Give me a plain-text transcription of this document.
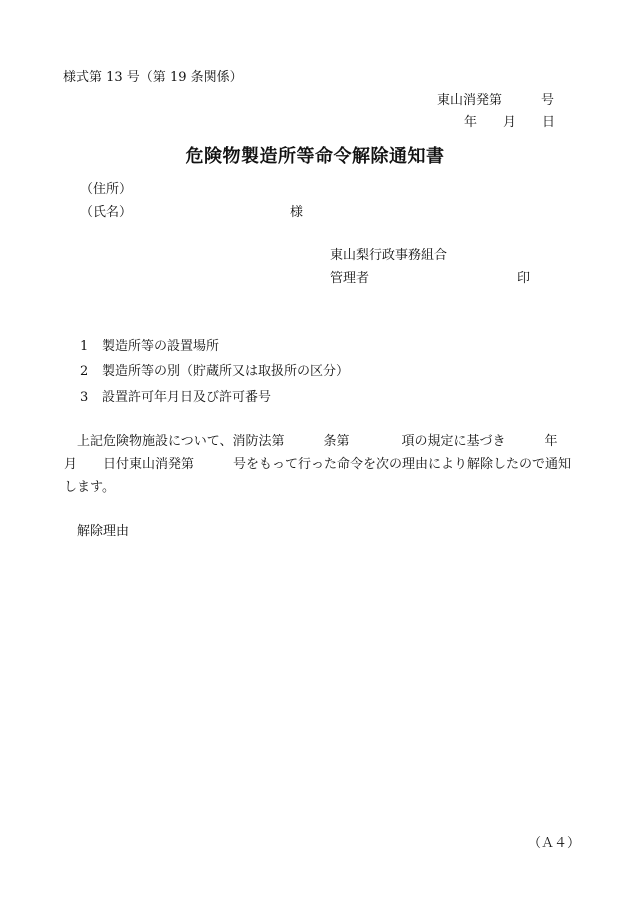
様式第 13 号（第 19 条関係）
東山消発第　　　号
年　　月　　日
危険物製造所等命令解除通知書
（住所）
（氏名）	様
東山梨行政事務組合
管理者	印
1 製造所等の設置場所
2 製造所等の別（貯蔵所又は取扱所の区分）
3 設置許可年月日及び許可番号
　上記危険物施設について、消防法第　　　条第　　　　項の規定に基づき　　　年　月　　日付東山消発第　　　号をもって行った命令を次の理由により解除したので通知します。
解除理由
（Ａ４）
